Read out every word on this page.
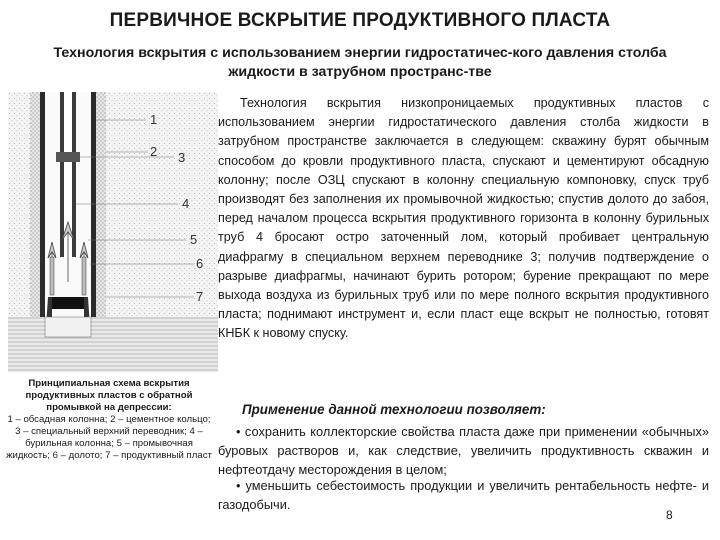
ПЕРВИЧНОЕ ВСКРЫТИЕ ПРОДУКТИВНОГО ПЛАСТА
Технология вскрытия с использованием энергии гидростатичес-кого давления столба жидкости в затрубном пространс-тве
1
2 3
4
5
6
7
Принципиальная схема вскрытия продуктивных пластов с обратной промывкой на депрессии:
1 – обсадная колонна; 2 – цементное кольцо; 3 – специальный верхний переводник; 4 – бурильная колонна; 5 – промывочная жидкость; 6 – долото; 7 – продуктивный пласт

Технология вскрытия низкопроницаемых продуктивных пластов с использованием энергии гидростатического давления столба жидкости в затрубном пространстве заключается в следующем: скважину бурят обычным способом до кровли продуктивного пласта, спускают и цементируют обсадную колонну; после ОЗЦ спускают в колонну специальную компоновку, спуск труб производят без заполнения их промывочной жидкостью; спустив долото до забоя, перед началом процесса вскрытия продуктивного горизонта в колонну бурильных труб 4 бросают остро заточенный лом, который пробивает центральную диафрагму в специальном верхнем переводнике 3; получив подтверждение о разрыве диафрагмы, начинают бурить ротором; бурение прекращают по мере выхода воздуха из бурильных труб или по мере полного вскрытия продуктивного пласта; поднимают инструмент и, если пласт еще вскрыт не полностью, готовят КНБК к новому спуску.

Применение данной технологии позволяет:

• сохранить коллекторские свойства пласта даже при применении «обычных» буровых растворов и, как следствие, увеличить продуктивность скважин и нефтеотдачу месторождения в целом;

• уменьшить себестоимость продукции и увеличить рентабельность нефте- и газодобычи.

8
